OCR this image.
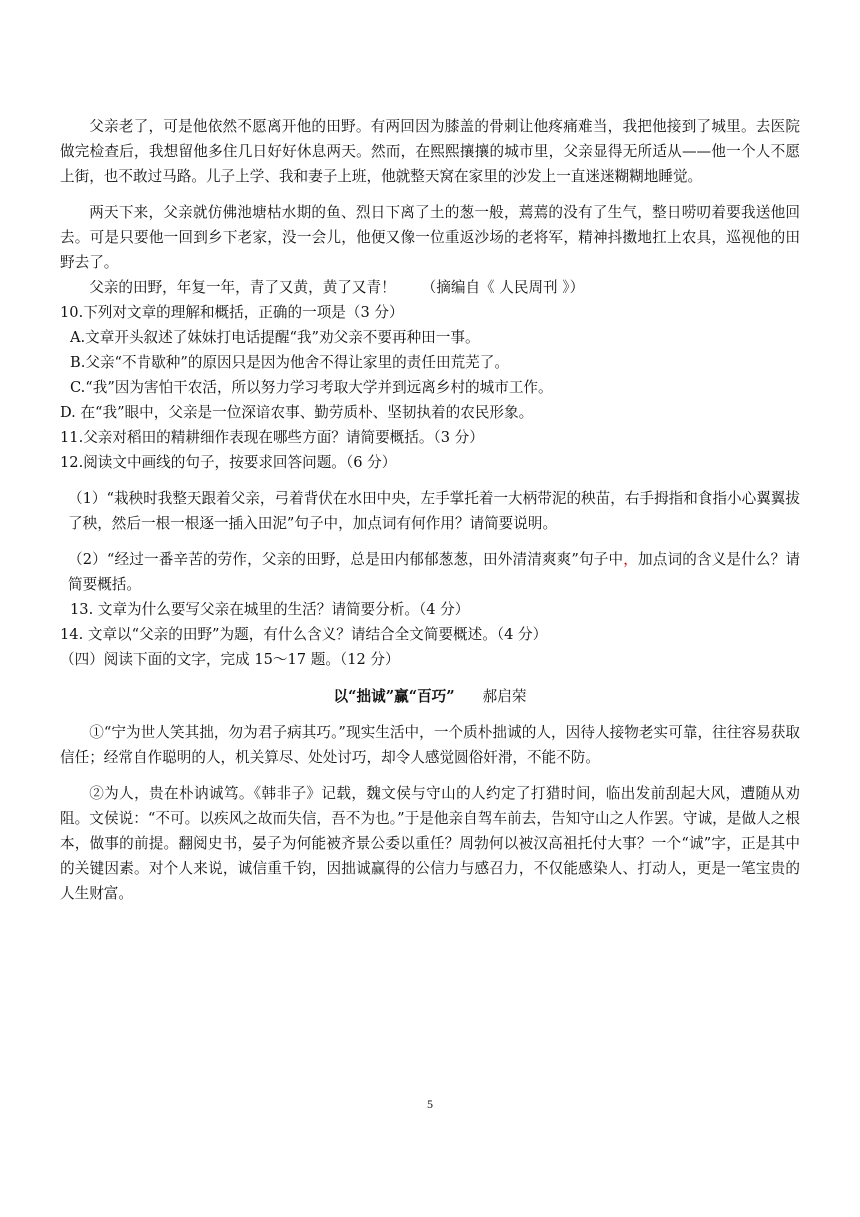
父亲老了，可是他依然不愿离开他的田野。有两回因为膝盖的骨刺让他疼痛难当，我把他接到了城里。去医院做完检查后，我想留他多住几日好好休息两天。然而，在熙熙攘攘的城市里，父亲显得无所适从——他一个人不愿上街，也不敢过马路。儿子上学、我和妻子上班，他就整天窝在家里的沙发上一直迷迷糊糊地睡觉。

两天下来，父亲就仿佛池塘枯水期的鱼、烈日下离了土的葱一般，蔫蔫的没有了生气，整日唠叨着要我送他回去。可是只要他一回到乡下老家，没一会儿，他便又像一位重返沙场的老将军，精神抖擞地扛上农具，巡视他的田野去了。

父亲的田野，年复一年，青了又黄，黄了又青！ （摘编自《 人民周刊 》）

10.下列对文章的理解和概括，正确的一项是（3 分）

A.文章开头叙述了妹妹打电话提醒“我”劝父亲不要再种田一事。

B.父亲“不肯歇种”的原因只是因为他舍不得让家里的责任田荒芜了。

C.“我”因为害怕干农活，所以努力学习考取大学并到远离乡村的城市工作。

D. 在“我”眼中，父亲是一位深谙农事、勤劳质朴、坚韧执着的农民形象。

11.父亲对稻田的精耕细作表现在哪些方面？请简要概括。（3 分）

12.阅读文中画线的句子，按要求回答问题。（6 分）

（1）“栽秧时我整天跟着父亲，弓着背伏在水田中央，左手掌托着一大柄带泥的秧苗，右手拇指和食指小心翼翼拔了秧，然后一根一根逐一插入田泥”句子中，加点词有何作用？请简要说明。

（2）“经过一番辛苦的劳作，父亲的田野，总是田内郁郁葱葱，田外清清爽爽”句子中，加点词的含义是什么？请简要概括。

13. 文章为什么要写父亲在城里的生活？请简要分析。（4 分）

14. 文章以“父亲的田野”为题，有什么含义？请结合全文简要概述。（4 分）

（四）阅读下面的文字，完成 15～17 题。（12 分）

以“拙诚”赢“百巧” 郝启荣

①“宁为世人笑其拙，勿为君子病其巧。”现实生活中，一个质朴拙诚的人，因待人接物老实可靠，往往容易获取信任；经常自作聪明的人，机关算尽、处处讨巧，却令人感觉圆俗奸滑，不能不防。

②为人，贵在朴讷诚笃。《韩非子》记载，魏文侯与守山的人约定了打猎时间，临出发前刮起大风，遭随从劝阻。文侯说：“不可。以疾风之故而失信，吾不为也。”于是他亲自驾车前去，告知守山之人作罢。守诚，是做人之根本，做事的前提。翻阅史书，晏子为何能被齐景公委以重任？周勃何以被汉高祖托付大事？一个“诚”字，正是其中的关键因素。对个人来说，诚信重千钧，因拙诚赢得的公信力与感召力，不仅能感染人、打动人，更是一笔宝贵的人生财富。

5
